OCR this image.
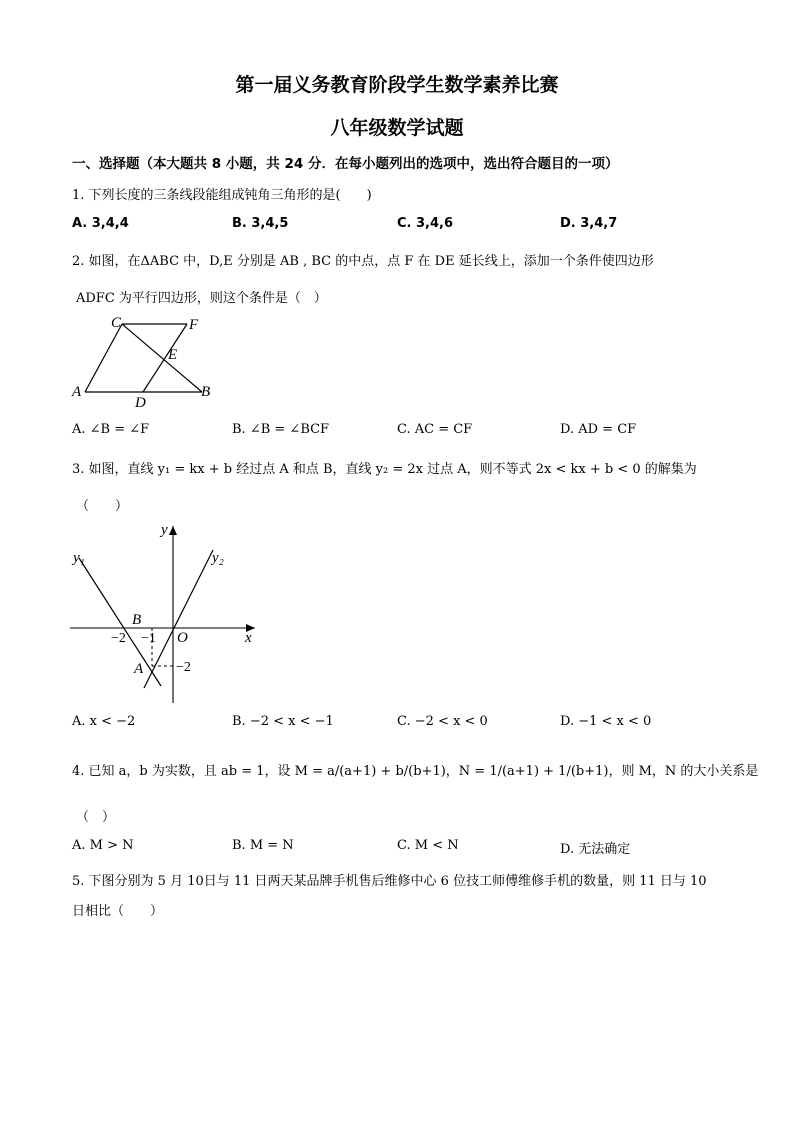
第一届义务教育阶段学生数学素养比赛
八年级数学试题
一、选择题（本大题共 8 小题，共 24 分．在每小题列出的选项中，选出符合题目的一项）
1. 下列长度的三条线段能组成钝角三角形的是(　　)
A. 3,4,4	B. 3,4,5	C. 3,4,6	D. 3,4,7
2. 如图，在ΔABC 中，D,E 分别是 AB , BC 的中点，点 F 在 DE 延长线上，添加一个条件使四边形
ADFC 为平行四边形，则这个条件是（　）
C	F
E
A
D
B
A. ∠B = ∠F	B. ∠B = ∠BCF	C. AC = CF	D. AD = CF
3. 如图，直线 y₁ = kx + b 经过点 A 和点 B，直线 y₂ = 2x 过点 A，则不等式 2x < kx + b < 0 的解集为
（　　）
y
y₁	y₂
B
−2 −1 O	x
A −2
A. x < −2	B. −2 < x < −1	C. −2 < x < 0	D. −1 < x < 0
4. 已知 a，b 为实数，且 ab = 1，设 M = a/(a+1) + b/(b+1)，N = 1/(a+1) + 1/(b+1)，则 M，N 的大小关系是
（　）
A. M > N	B. M = N	C. M < N	D. 无法确定
5. 下图分别为 5 月 10日与 11 日两天某品牌手机售后维修中心 6 位技工师傅维修手机的数量，则 11 日与 10
日相比（　　）
